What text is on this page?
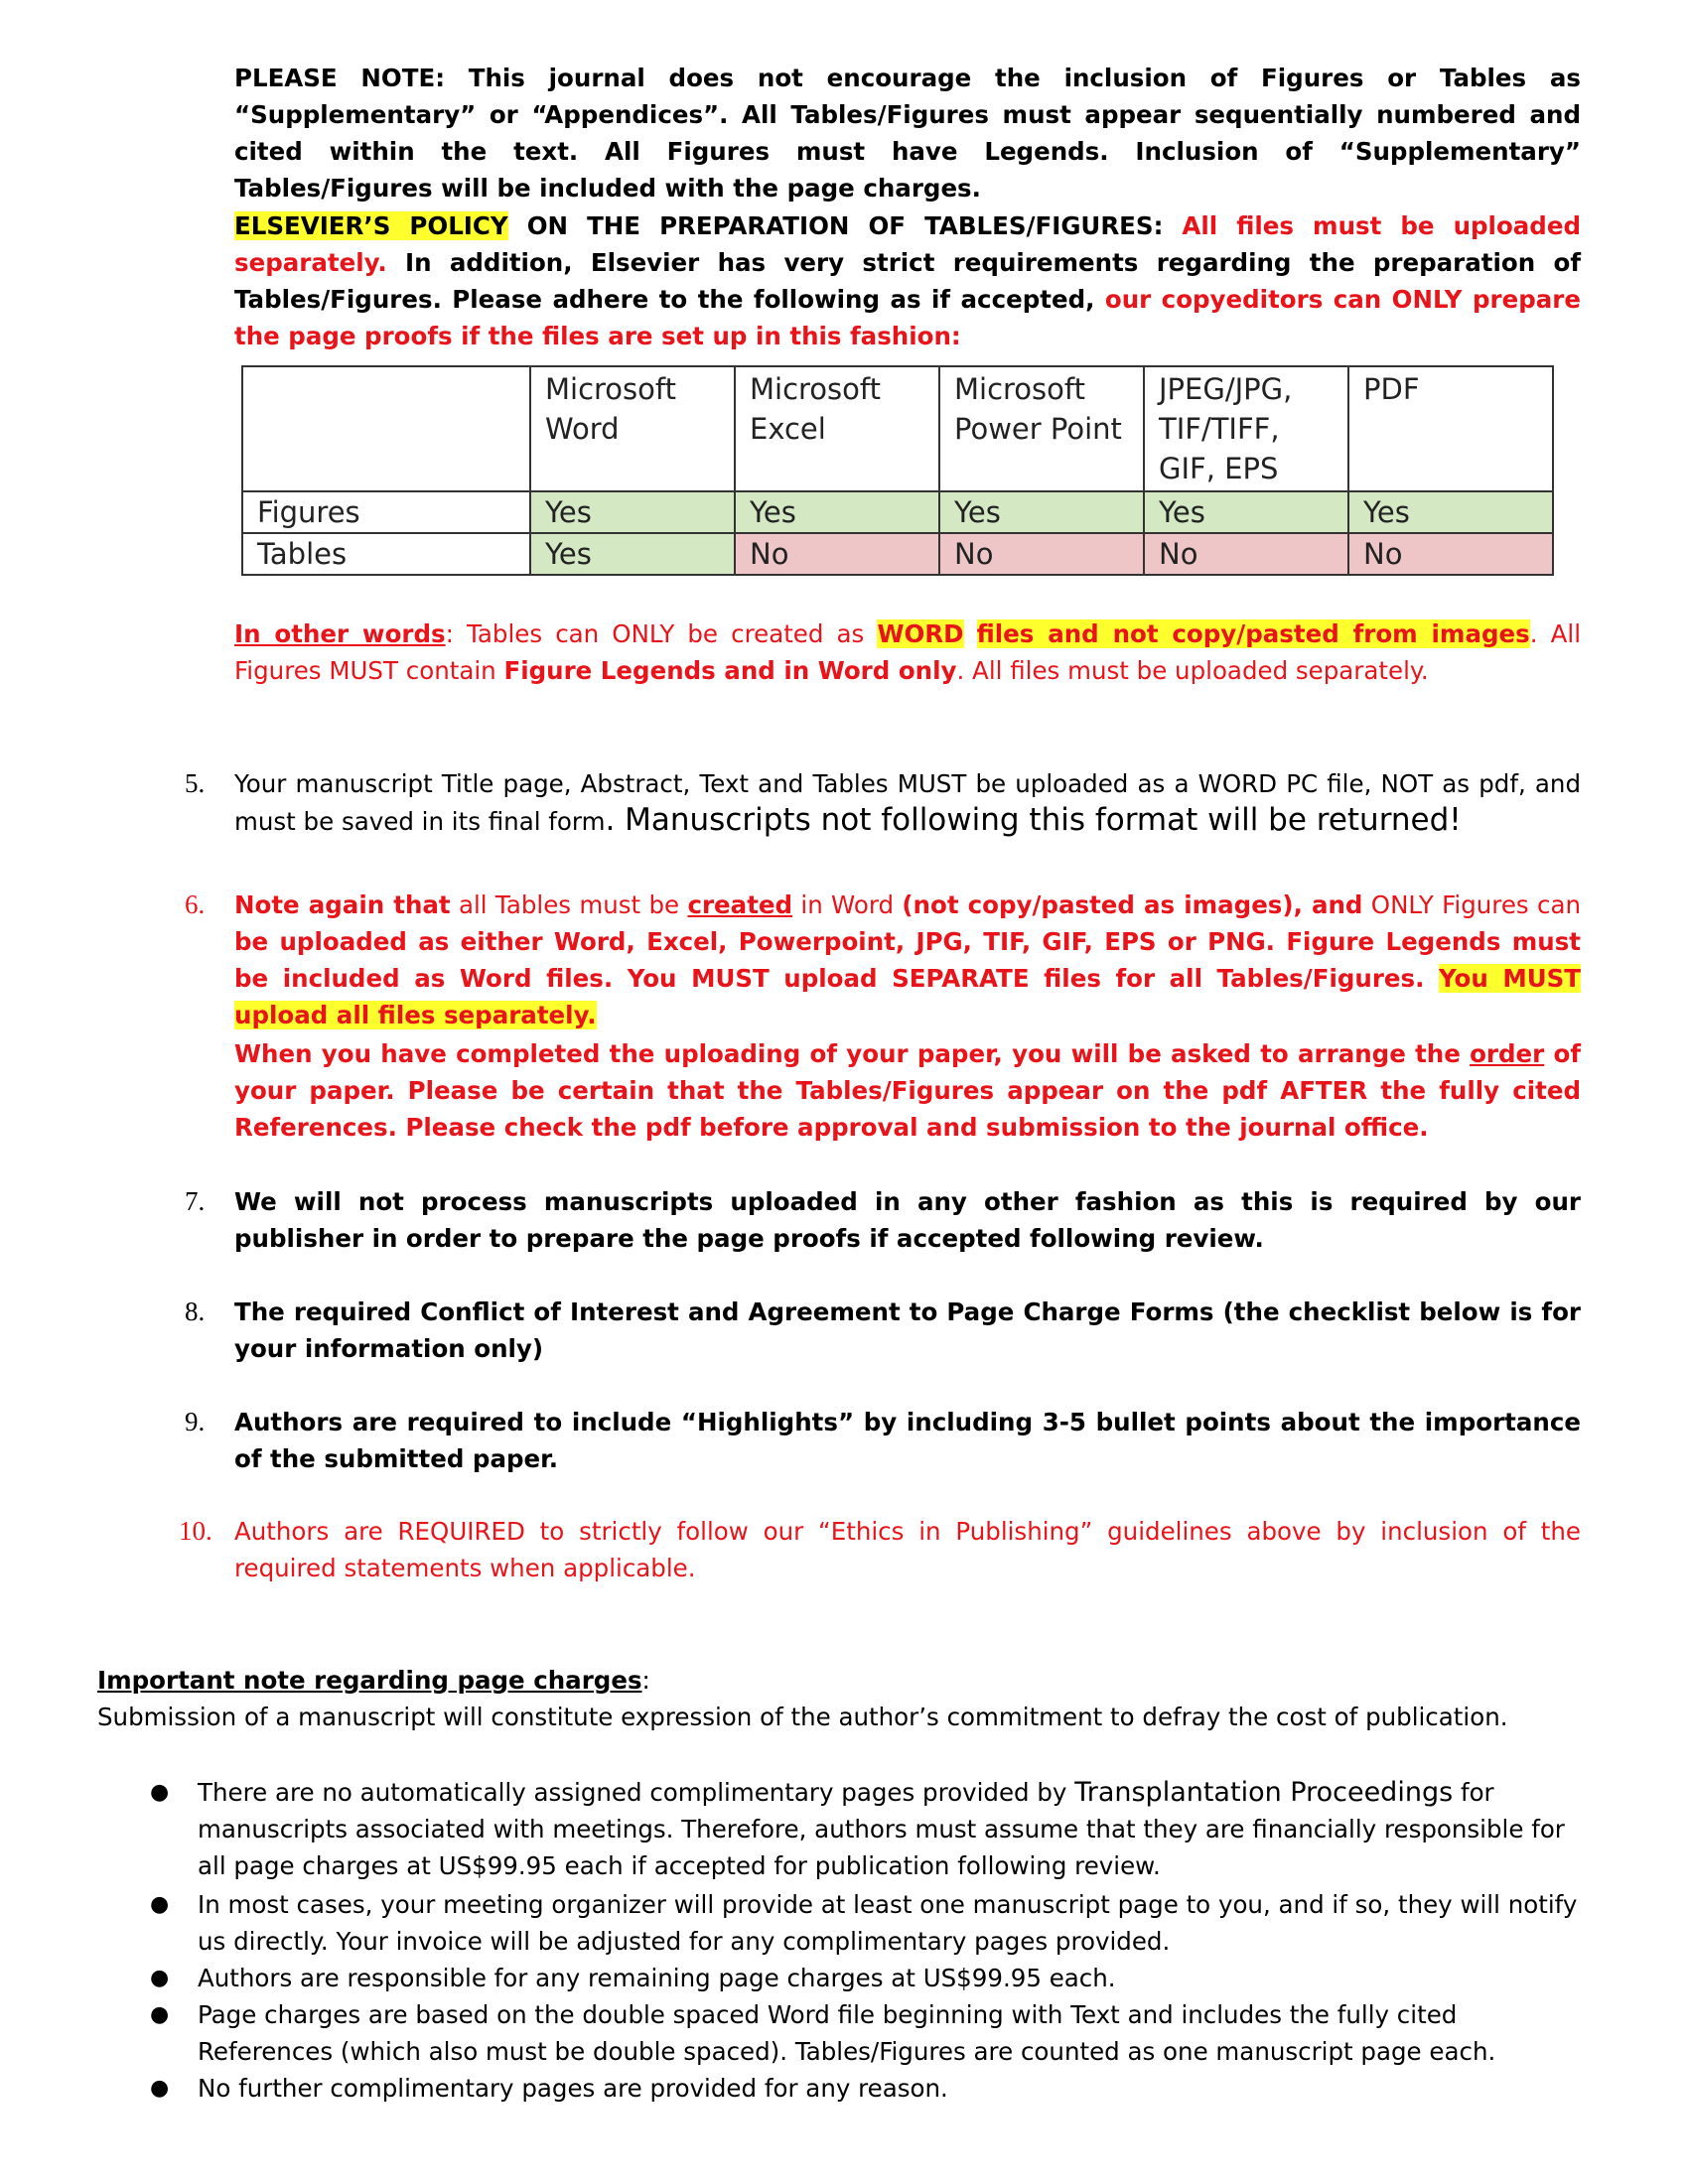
PLEASE NOTE: This journal does not encourage the inclusion of Figures or Tables as “Supplementary” or “Appendices”. All Tables/Figures must appear sequentially numbered and cited within the text. All Figures must have Legends. Inclusion of “Supplementary” Tables/Figures will be included with the page charges.
ELSEVIER’S POLICY ON THE PREPARATION OF TABLES/FIGURES: All files must be uploaded separately. In addition, Elsevier has very strict requirements regarding the preparation of Tables/Figures. Please adhere to the following as if accepted, our copyeditors can ONLY prepare the page proofs if the files are set up in this fashion:
	Microsoft Word	Microsoft Excel	Microsoft Power Point	JPEG/JPG, TIF/TIFF, GIF, EPS	PDF
Figures	Yes	Yes	Yes	Yes	Yes
Tables	Yes	No	No	No	No
In other words: Tables can ONLY be created as WORD files and not copy/pasted from images. All Figures MUST contain Figure Legends and in Word only. All files must be uploaded separately.
5. Your manuscript Title page, Abstract, Text and Tables MUST be uploaded as a WORD PC file, NOT as pdf, and must be saved in its final form. Manuscripts not following this format will be returned!
6. Note again that all Tables must be created in Word (not copy/pasted as images), and ONLY Figures can be uploaded as either Word, Excel, Powerpoint, JPG, TIF, GIF, EPS or PNG. Figure Legends must be included as Word files. You MUST upload SEPARATE files for all Tables/Figures. You MUST upload all files separately.
When you have completed the uploading of your paper, you will be asked to arrange the order of your paper. Please be certain that the Tables/Figures appear on the pdf AFTER the fully cited References. Please check the pdf before approval and submission to the journal office.
7. We will not process manuscripts uploaded in any other fashion as this is required by our publisher in order to prepare the page proofs if accepted following review.
8. The required Conflict of Interest and Agreement to Page Charge Forms (the checklist below is for your information only)
9. Authors are required to include “Highlights” by including 3-5 bullet points about the importance of the submitted paper.
10. Authors are REQUIRED to strictly follow our “Ethics in Publishing” guidelines above by inclusion of the required statements when applicable.
Important note regarding page charges:
Submission of a manuscript will constitute expression of the author’s commitment to defray the cost of publication.
● There are no automatically assigned complimentary pages provided by Transplantation Proceedings for manuscripts associated with meetings. Therefore, authors must assume that they are financially responsible for all page charges at US$99.95 each if accepted for publication following review.
● In most cases, your meeting organizer will provide at least one manuscript page to you, and if so, they will notify us directly. Your invoice will be adjusted for any complimentary pages provided.
● Authors are responsible for any remaining page charges at US$99.95 each.
● Page charges are based on the double spaced Word file beginning with Text and includes the fully cited References (which also must be double spaced). Tables/Figures are counted as one manuscript page each.
● No further complimentary pages are provided for any reason.
